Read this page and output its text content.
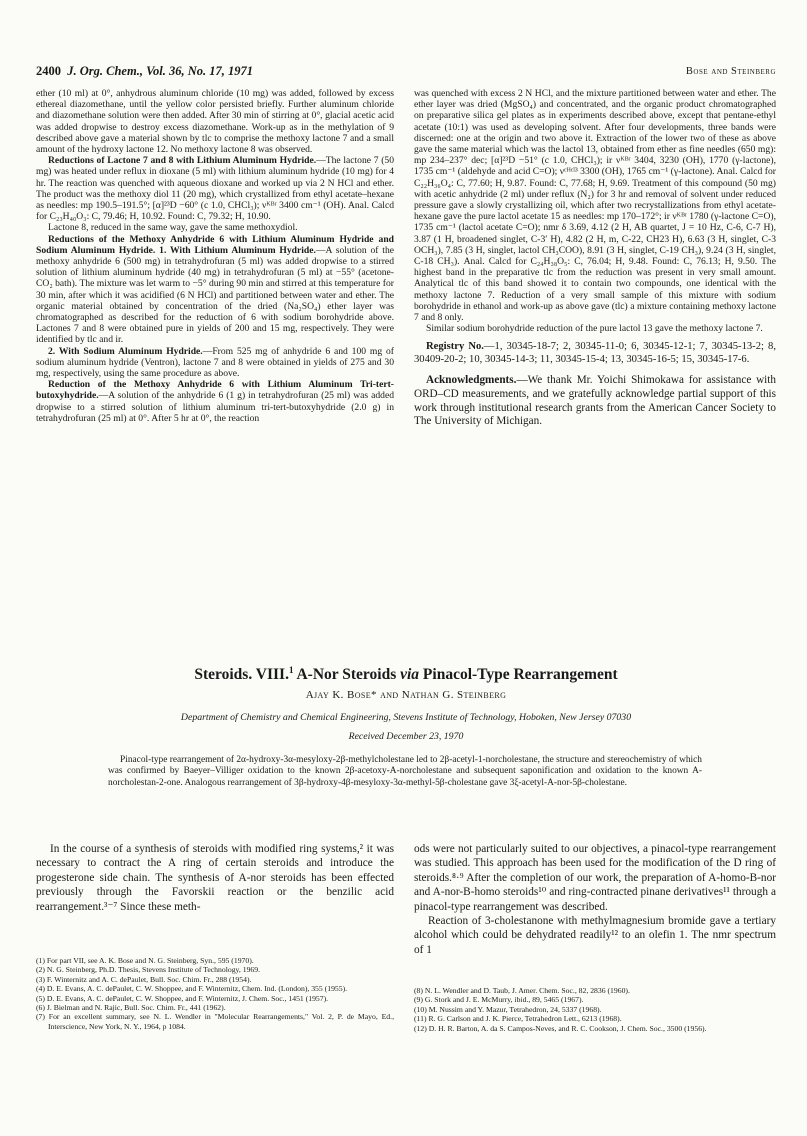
2400 J. Org. Chem., Vol. 36, No. 17, 1971	Bose and Steinberg

ether (10 ml) at 0°, anhydrous aluminum chloride (10 mg) was added, followed by excess ethereal diazomethane, until the yellow color persisted briefly. Further aluminum chloride and diazomethane solution were then added. After 30 min of stirring at 0°, glacial acetic acid was added dropwise to destroy excess diazomethane. Work-up as in the methylation of 9 described above gave a material shown by tlc to comprise the methoxy lactone 7 and a small amount of the hydroxy lactone 12. No methoxy lactone 8 was observed.

Reductions of Lactone 7 and 8 with Lithium Aluminum Hydride.—The lactone 7 (50 mg) was heated under reflux in dioxane (5 ml) with lithium aluminum hydride (10 mg) for 4 hr. The reaction was quenched with aqueous dioxane and worked up via 2 N HCl and ether. The product was the methoxy diol 11 (20 mg), which crystallized from ethyl acetate–hexane as needles: mp 190.5–191.5°; [α]²³D −60° (c 1.0, CHCl₃); νᴷᴮʳ 3400 cm⁻¹ (OH). Anal. Calcd for C₂₃H₄₀O₃: C, 79.46; H, 10.92. Found: C, 79.32; H, 10.90.

Lactone 8, reduced in the same way, gave the same methoxydiol.

Reductions of the Methoxy Anhydride 6 with Lithium Aluminum Hydride and Sodium Aluminum Hydride. 1. With Lithium Aluminum Hydride.—A solution of the methoxy anhydride 6 (500 mg) in tetrahydrofuran (5 ml) was added dropwise to a stirred solution of lithium aluminum hydride (40 mg) in tetrahydrofuran (5 ml) at −55° (acetone-CO₂ bath). The mixture was let warm to −5° during 90 min and stirred at this temperature for 30 min, after which it was acidified (6 N HCl) and partitioned between water and ether. The organic material obtained by concentration of the dried (Na₂SO₄) ether layer was chromatographed as described for the reduction of 6 with sodium borohydride above. Lactones 7 and 8 were obtained pure in yields of 200 and 15 mg, respectively. They were identified by tlc and ir.

2. With Sodium Aluminum Hydride.—From 525 mg of anhydride 6 and 100 mg of sodium aluminum hydride (Ventron), lactone 7 and 8 were obtained in yields of 275 and 30 mg, respectively, using the same procedure as above.

Reduction of the Methoxy Anhydride 6 with Lithium Aluminum Tri-tert-butoxyhydride.—A solution of the anhydride 6 (1 g) in tetrahydrofuran (25 ml) was added dropwise to a stirred solution of lithium aluminum tri-tert-butoxyhydride (2.0 g) in tetrahydrofuran (25 ml) at 0°. After 5 hr at 0°, the reaction

was quenched with excess 2 N HCl, and the mixture partitioned between water and ether. The ether layer was dried (MgSO₄) and concentrated, and the organic product chromatographed on preparative silica gel plates as in experiments described above, except that pentane-ethyl acetate (10:1) was used as developing solvent. After four developments, three bands were discerned: one at the origin and two above it. Extraction of the lower two of these as above gave the same material which was the lactol 13, obtained from ether as fine needles (650 mg): mp 234–237° dec; [α]²³D −51° (c 1.0, CHCl₃); ir νᴷᴮʳ 3404, 3230 (OH), 1770 (γ-lactone), 1735 cm⁻¹ (aldehyde and acid C=O); νᶜᴴᶜˡ³ 3300 (OH), 1765 cm⁻¹ (γ-lactone). Anal. Calcd for C₂₂H₃₆O₄: C, 77.60; H, 9.87. Found: C, 77.68; H, 9.69. Treatment of this compound (50 mg) with acetic anhydride (2 ml) under reflux (N₂) for 3 hr and removal of solvent under reduced pressure gave a slowly crystallizing oil, which after two recrystallizations from ethyl acetate-hexane gave the pure lactol acetate 15 as needles: mp 170–172°; ir νᴷᴮʳ 1780 (γ-lactone C=O), 1735 cm⁻¹ (lactol acetate C=O); nmr δ 3.69, 4.12 (2 H, AB quartet, J = 10 Hz, C-6, C-7 H), 3.87 (1 H, broadened singlet, C-3′ H), 4.82 (2 H, m, C-22, CH23 H), 6.63 (3 H, singlet, C-3 OCH₃), 7.85 (3 H, singlet, lactol CH₃COO), 8.91 (3 H, singlet, C-19 CH₃), 9.24 (3 H, singlet, C-18 CH₃). Anal. Calcd for C₂₄H₃₈O₅: C, 76.04; H, 9.48. Found: C, 76.13; H, 9.50. The highest band in the preparative tlc from the reduction was present in very small amount. Analytical tlc of this band showed it to contain two compounds, one identical with the methoxy lactone 7. Reduction of a very small sample of this mixture with sodium borohydride in ethanol and work-up as above gave (tlc) a mixture containing methoxy lactone 7 and 8 only.

Similar sodium borohydride reduction of the pure lactol 13 gave the methoxy lactone 7.

Registry No.—1, 30345-18-7; 2, 30345-11-0; 6, 30345-12-1; 7, 30345-13-2; 8, 30409-20-2; 10, 30345-14-3; 11, 30345-15-4; 13, 30345-16-5; 15, 30345-17-6.

Acknowledgments.—We thank Mr. Yoichi Shimokawa for assistance with ORD–CD measurements, and we gratefully acknowledge partial support of this work through institutional research grants from the American Cancer Society to The University of Michigan.

Steroids. VIII.$^1$ A-Nor Steroids via Pinacol-Type Rearrangement
Ajay K. Bose* and Nathan G. Steinberg
Department of Chemistry and Chemical Engineering, Stevens Institute of Technology, Hoboken, New Jersey 07030
Received December 23, 1970
Pinacol-type rearrangement of 2α-hydroxy-3α-mesyloxy-2β-methylcholestane led to 2β-acetyl-1-norcholestane, the structure and stereochemistry of which was confirmed by Baeyer–Villiger oxidation to the known 2β-acetoxy-A-norcholestane and subsequent saponification and oxidation to the known A-norcholestan-2-one. Analogous rearrangement of 3β-hydroxy-4β-mesyloxy-3α-methyl-5β-cholestane gave 3ξ-acetyl-A-nor-5β-cholestane.

In the course of a synthesis of steroids with modified ring systems,² it was necessary to contract the A ring of certain steroids and introduce the progesterone side chain. The synthesis of A-nor steroids has been effected previously through the Favorskii reaction or the benzilic acid rearrangement.³⁻⁷ Since these meth-

ods were not particularly suited to our objectives, a pinacol-type rearrangement was studied. This approach has been used for the modification of the D ring of steroids.⁸·⁹ After the completion of our work, the preparation of A-homo-B-nor and A-nor-B-homo steroids¹⁰ and ring-contracted pinane derivatives¹¹ through a pinacol-type rearrangement was described.

Reaction of 3-cholestanone with methylmagnesium bromide gave a tertiary alcohol which could be dehydrated readily¹² to an olefin 1. The nmr spectrum of 1

(1) For part VII, see A. K. Bose and N. G. Steinberg, Syn., 595 (1970).
(2) N. G. Steinberg, Ph.D. Thesis, Stevens Institute of Technology, 1969.
(3) F. Winternitz and A. C. dePaulet, Bull. Soc. Chim. Fr., 288 (1954).
(4) D. E. Evans, A. C. dePaulet, C. W. Shoppee, and F. Winternitz, Chem. Ind. (London), 355 (1955).
(5) D. E. Evans, A. C. dePaulet, C. W. Shoppee, and F. Winternitz, J. Chem. Soc., 1451 (1957).
(6) J. Bielman and N. Rajic, Bull. Soc. Chim. Fr., 441 (1962).
(7) For an excellent summary, see N. L. Wendler in "Molecular Rearrangements," Vol. 2, P. de Mayo, Ed., Interscience, New York, N. Y., 1964, p 1084.
(8) N. L. Wendler and D. Taub, J. Amer. Chem. Soc., 82, 2836 (1960).
(9) G. Stork and J. E. McMurry, ibid., 89, 5465 (1967).
(10) M. Nussim and Y. Mazur, Tetrahedron, 24, 5337 (1968).
(11) R. G. Carlson and J. K. Pierce, Tetrahedron Lett., 6213 (1968).
(12) D. H. R. Barton, A. da S. Campos-Neves, and R. C. Cookson, J. Chem. Soc., 3500 (1956).
